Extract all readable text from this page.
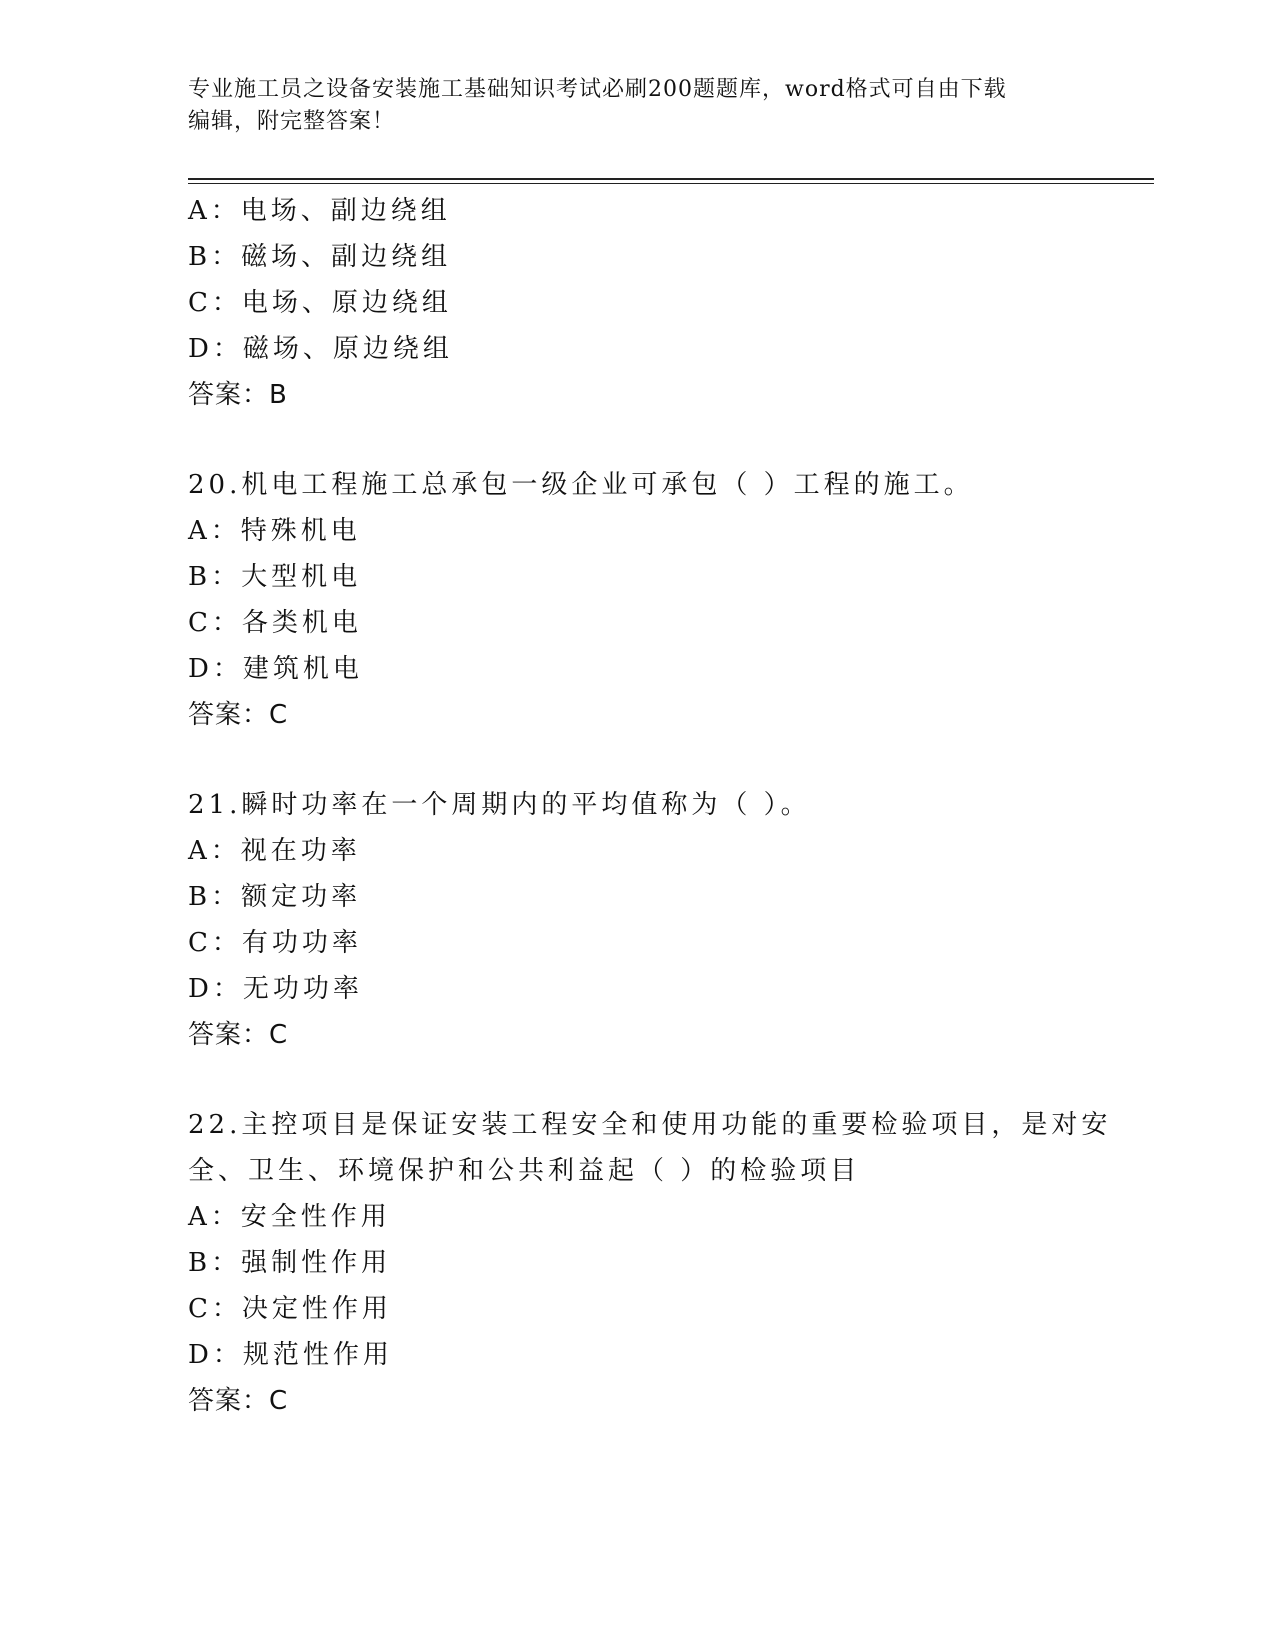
专业施工员之设备安装施工基础知识考试必刷200题题库，word格式可自由下载
编辑，附完整答案！
A：电场、副边绕组
B：磁场、副边绕组
C：电场、原边绕组
D：磁场、原边绕组
答案：B
20.机电工程施工总承包一级企业可承包（ ）工程的施工。
A：特殊机电
B：大型机电
C：各类机电
D：建筑机电
答案：C
21.瞬时功率在一个周期内的平均值称为（ ）。
A：视在功率
B：额定功率
C：有功功率
D：无功功率
答案：C
22.主控项目是保证安装工程安全和使用功能的重要检验项目，是对安
全、卫生、环境保护和公共利益起（ ）的检验项目
A：安全性作用
B：强制性作用
C：决定性作用
D：规范性作用
答案：C
